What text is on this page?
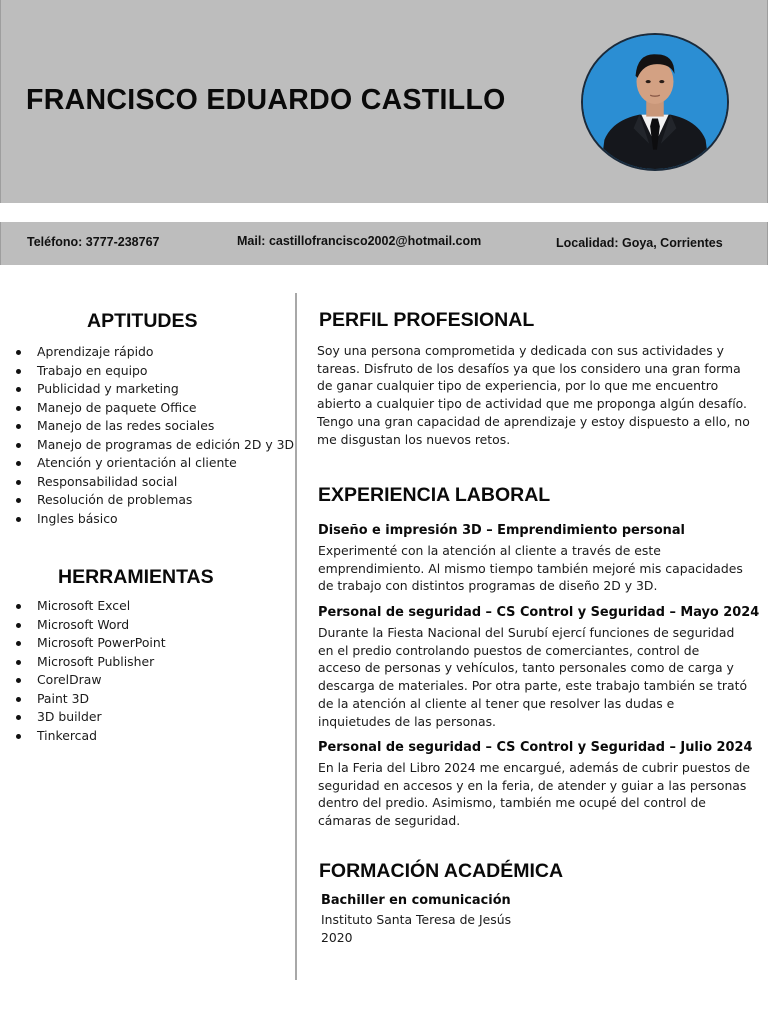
FRANCISCO EDUARDO CASTILLO
Teléfono: 3777-238767	Mail: castillofrancisco2002@hotmail.com	Localidad: Goya, Corrientes
APTITUDES
Aprendizaje rápido
Trabajo en equipo
Publicidad y marketing
Manejo de paquete Office
Manejo de las redes sociales
Manejo de programas de edición 2D y 3D
Atención y orientación al cliente
Responsabilidad social
Resolución de problemas
Ingles básico
HERRAMIENTAS
Microsoft Excel
Microsoft Word
Microsoft PowerPoint
Microsoft Publisher
CorelDraw
Paint 3D
3D builder
Tinkercad
PERFIL PROFESIONAL
Soy una persona comprometida y dedicada con sus actividades y
tareas. Disfruto de los desafíos ya que los considero una gran forma
de ganar cualquier tipo de experiencia, por lo que me encuentro
abierto a cualquier tipo de actividad que me proponga algún desafío.
Tengo una gran capacidad de aprendizaje y estoy dispuesto a ello, no
me disgustan los nuevos retos.
EXPERIENCIA LABORAL
Diseño e impresión 3D – Emprendimiento personal
Experimenté con la atención al cliente a través de este
emprendimiento. Al mismo tiempo también mejoré mis capacidades
de trabajo con distintos programas de diseño 2D y 3D.
Personal de seguridad – CS Control y Seguridad – Mayo 2024
Durante la Fiesta Nacional del Surubí ejercí funciones de seguridad
en el predio controlando puestos de comerciantes, control de
acceso de personas y vehículos, tanto personales como de carga y
descarga de materiales. Por otra parte, este trabajo también se trató
de la atención al cliente al tener que resolver las dudas e
inquietudes de las personas.
Personal de seguridad – CS Control y Seguridad – Julio 2024
En la Feria del Libro 2024 me encargué, además de cubrir puestos de
seguridad en accesos y en la feria, de atender y guiar a las personas
dentro del predio. Asimismo, también me ocupé del control de
cámaras de seguridad.
FORMACIÓN ACADÉMICA
Bachiller en comunicación
Instituto Santa Teresa de Jesús
2020
